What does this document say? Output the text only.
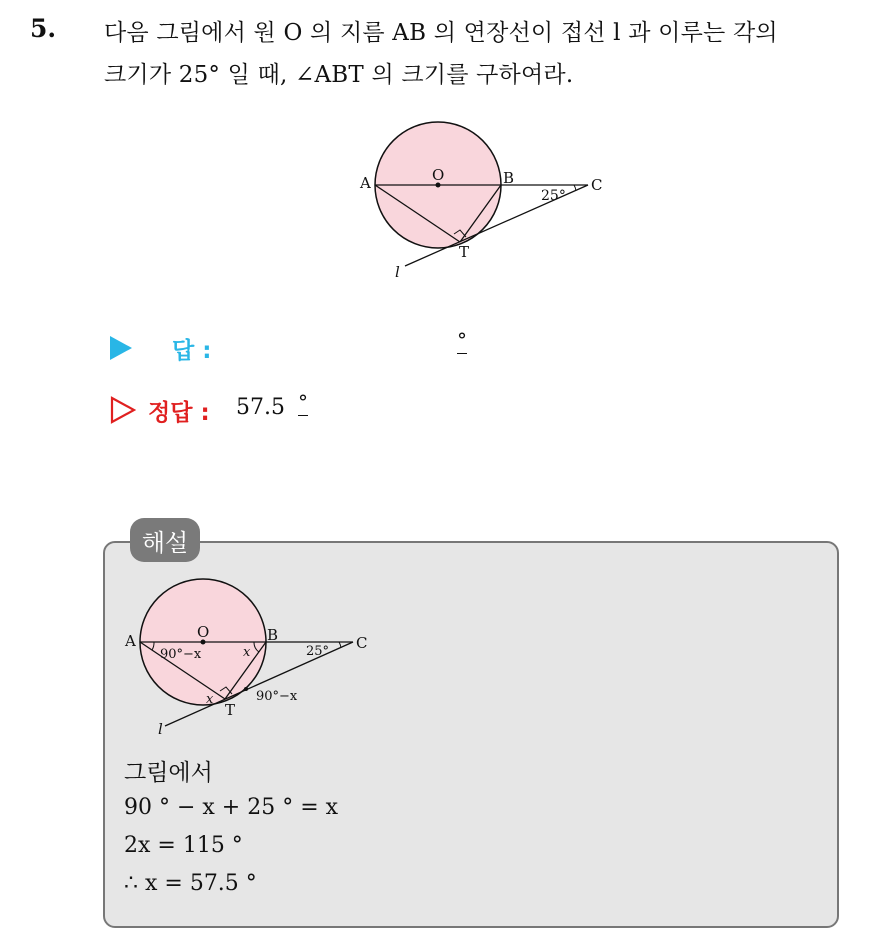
5. 다음 그림에서 원 O 의 지름 AB 의 연장선이 접선 l 과 이루는 각의
크기가 25° 일 때, ∠ABT 의 크기를 구하여라.
A	O	B	C
T
l
25°
답 :	°
정답 : 57.5 °
해설
A	O	B	C
T
l
90°−x	x	25°
x	90°−x
그림에서
90 ° − x + 25 ° = x
2x = 115 °
∴ x = 57.5 °
